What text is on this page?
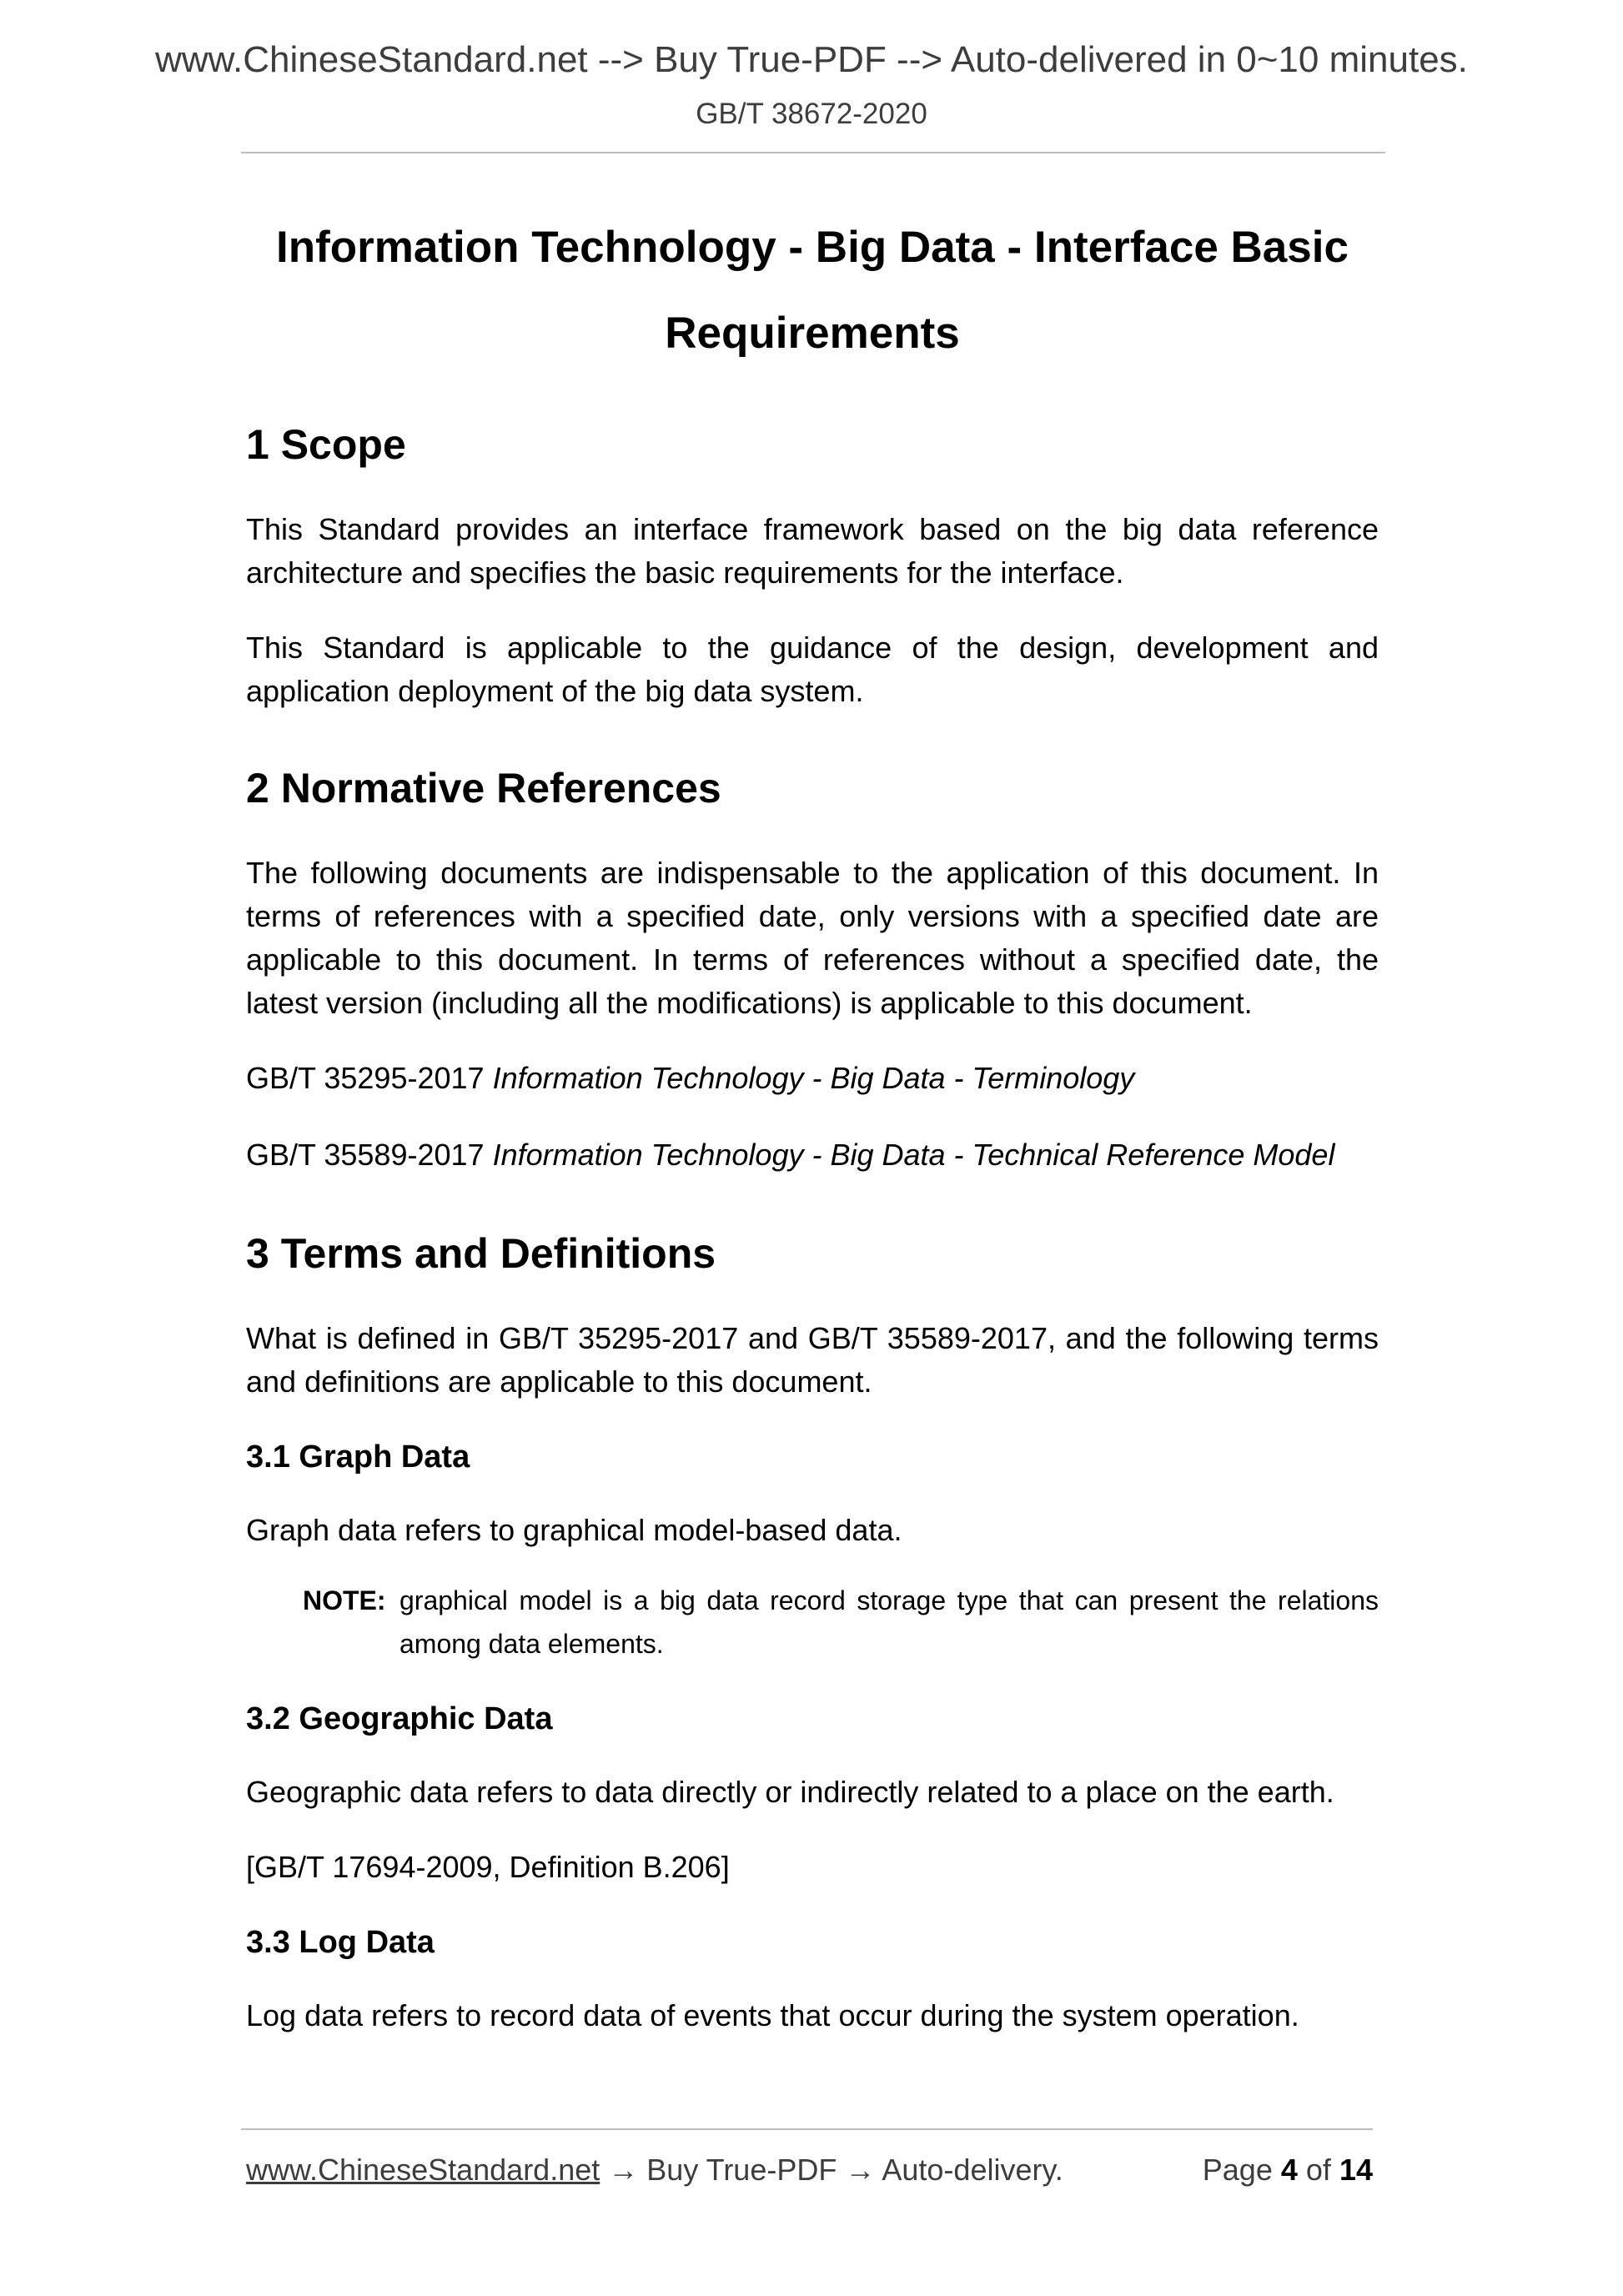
www.ChineseStandard.net --> Buy True-PDF --> Auto-delivered in 0~10 minutes.
GB/T 38672-2020
Information Technology - Big Data - Interface Basic
Requirements
1 Scope

This Standard provides an interface framework based on the big data reference architecture and specifies the basic requirements for the interface.

This Standard is applicable to the guidance of the design, development and application deployment of the big data system.

2 Normative References

The following documents are indispensable to the application of this document. In terms of references with a specified date, only versions with a specified date are applicable to this document. In terms of references without a specified date, the latest version (including all the modifications) is applicable to this document.

GB/T 35295-2017 Information Technology - Big Data - Terminology

GB/T 35589-2017 Information Technology - Big Data - Technical Reference Model

3 Terms and Definitions

What is defined in GB/T 35295-2017 and GB/T 35589-2017, and the following terms and definitions are applicable to this document.

3.1 Graph Data

Graph data refers to graphical model-based data.

NOTE: graphical model is a big data record storage type that can present the relations among data elements.
3.2 Geographic Data

Geographic data refers to data directly or indirectly related to a place on the earth.

[GB/T 17694-2009, Definition B.206]

3.3 Log Data

Log data refers to record data of events that occur during the system operation.

www.ChineseStandard.net → Buy True-PDF → Auto-delivery.	Page 4 of 14
